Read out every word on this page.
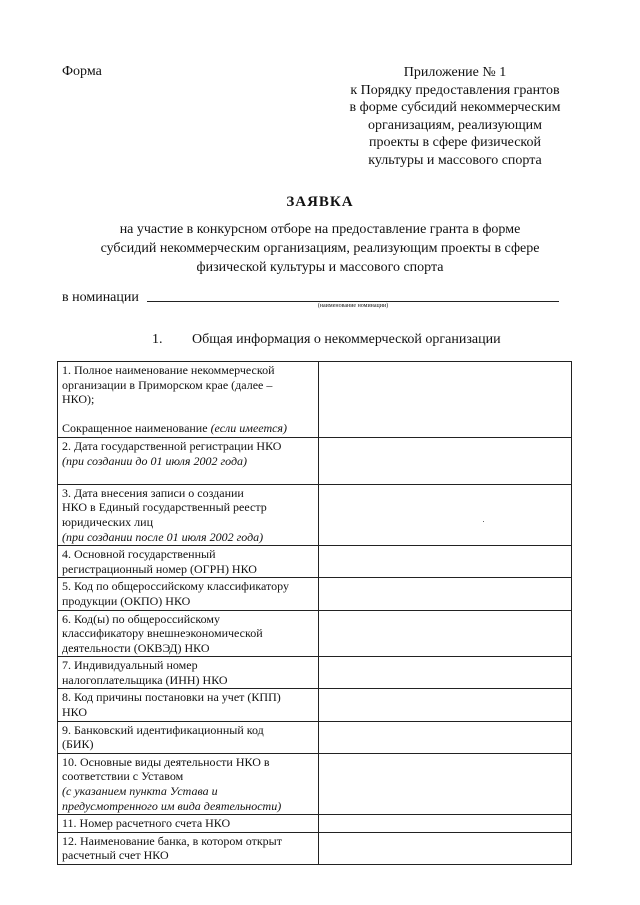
Форма	Приложение № 1
к Порядку предоставления грантов
в форме субсидий некоммерческим
организациям, реализующим
проекты в сфере физической
культуры и массового спорта
ЗАЯВКА
на участие в конкурсном отборе на предоставление гранта в форме
субсидий некоммерческим организациям, реализующим проекты в сфере
физической культуры и массового спорта
в номинации
(наименование номинации)
1. Общая информация о некоммерческой организации
1. Полное наименование некоммерческой
организации в Приморском крае (далее –
НКО);
Сокращенное наименование (если имеется)	

2. Дата государственной регистрации НКО
(при создании до 01 июля 2002 года)	

3. Дата внесения записи о создании
НКО в Единый государственный реестр
юридических лиц
(при создании после 01 июля 2002 года)	

4. Основной государственный
регистрационный номер (ОГРН) НКО	

5. Код по общероссийскому классификатору
продукции (ОКПО) НКО	

6. Код(ы) по общероссийскому
классификатору внешнеэкономической
деятельности (ОКВЭД) НКО	

7. Индивидуальный номер
налогоплательщика (ИНН) НКО	

8. Код причины постановки на учет (КПП)
НКО	

9. Банковский идентификационный код
(БИК)	

10. Основные виды деятельности НКО в
соответствии с Уставом
(с указанием пункта Устава и
предусмотренного им вида деятельности)	

11. Номер расчетного счета НКО	

12. Наименование банка, в котором открыт
расчетный счет НКО	
